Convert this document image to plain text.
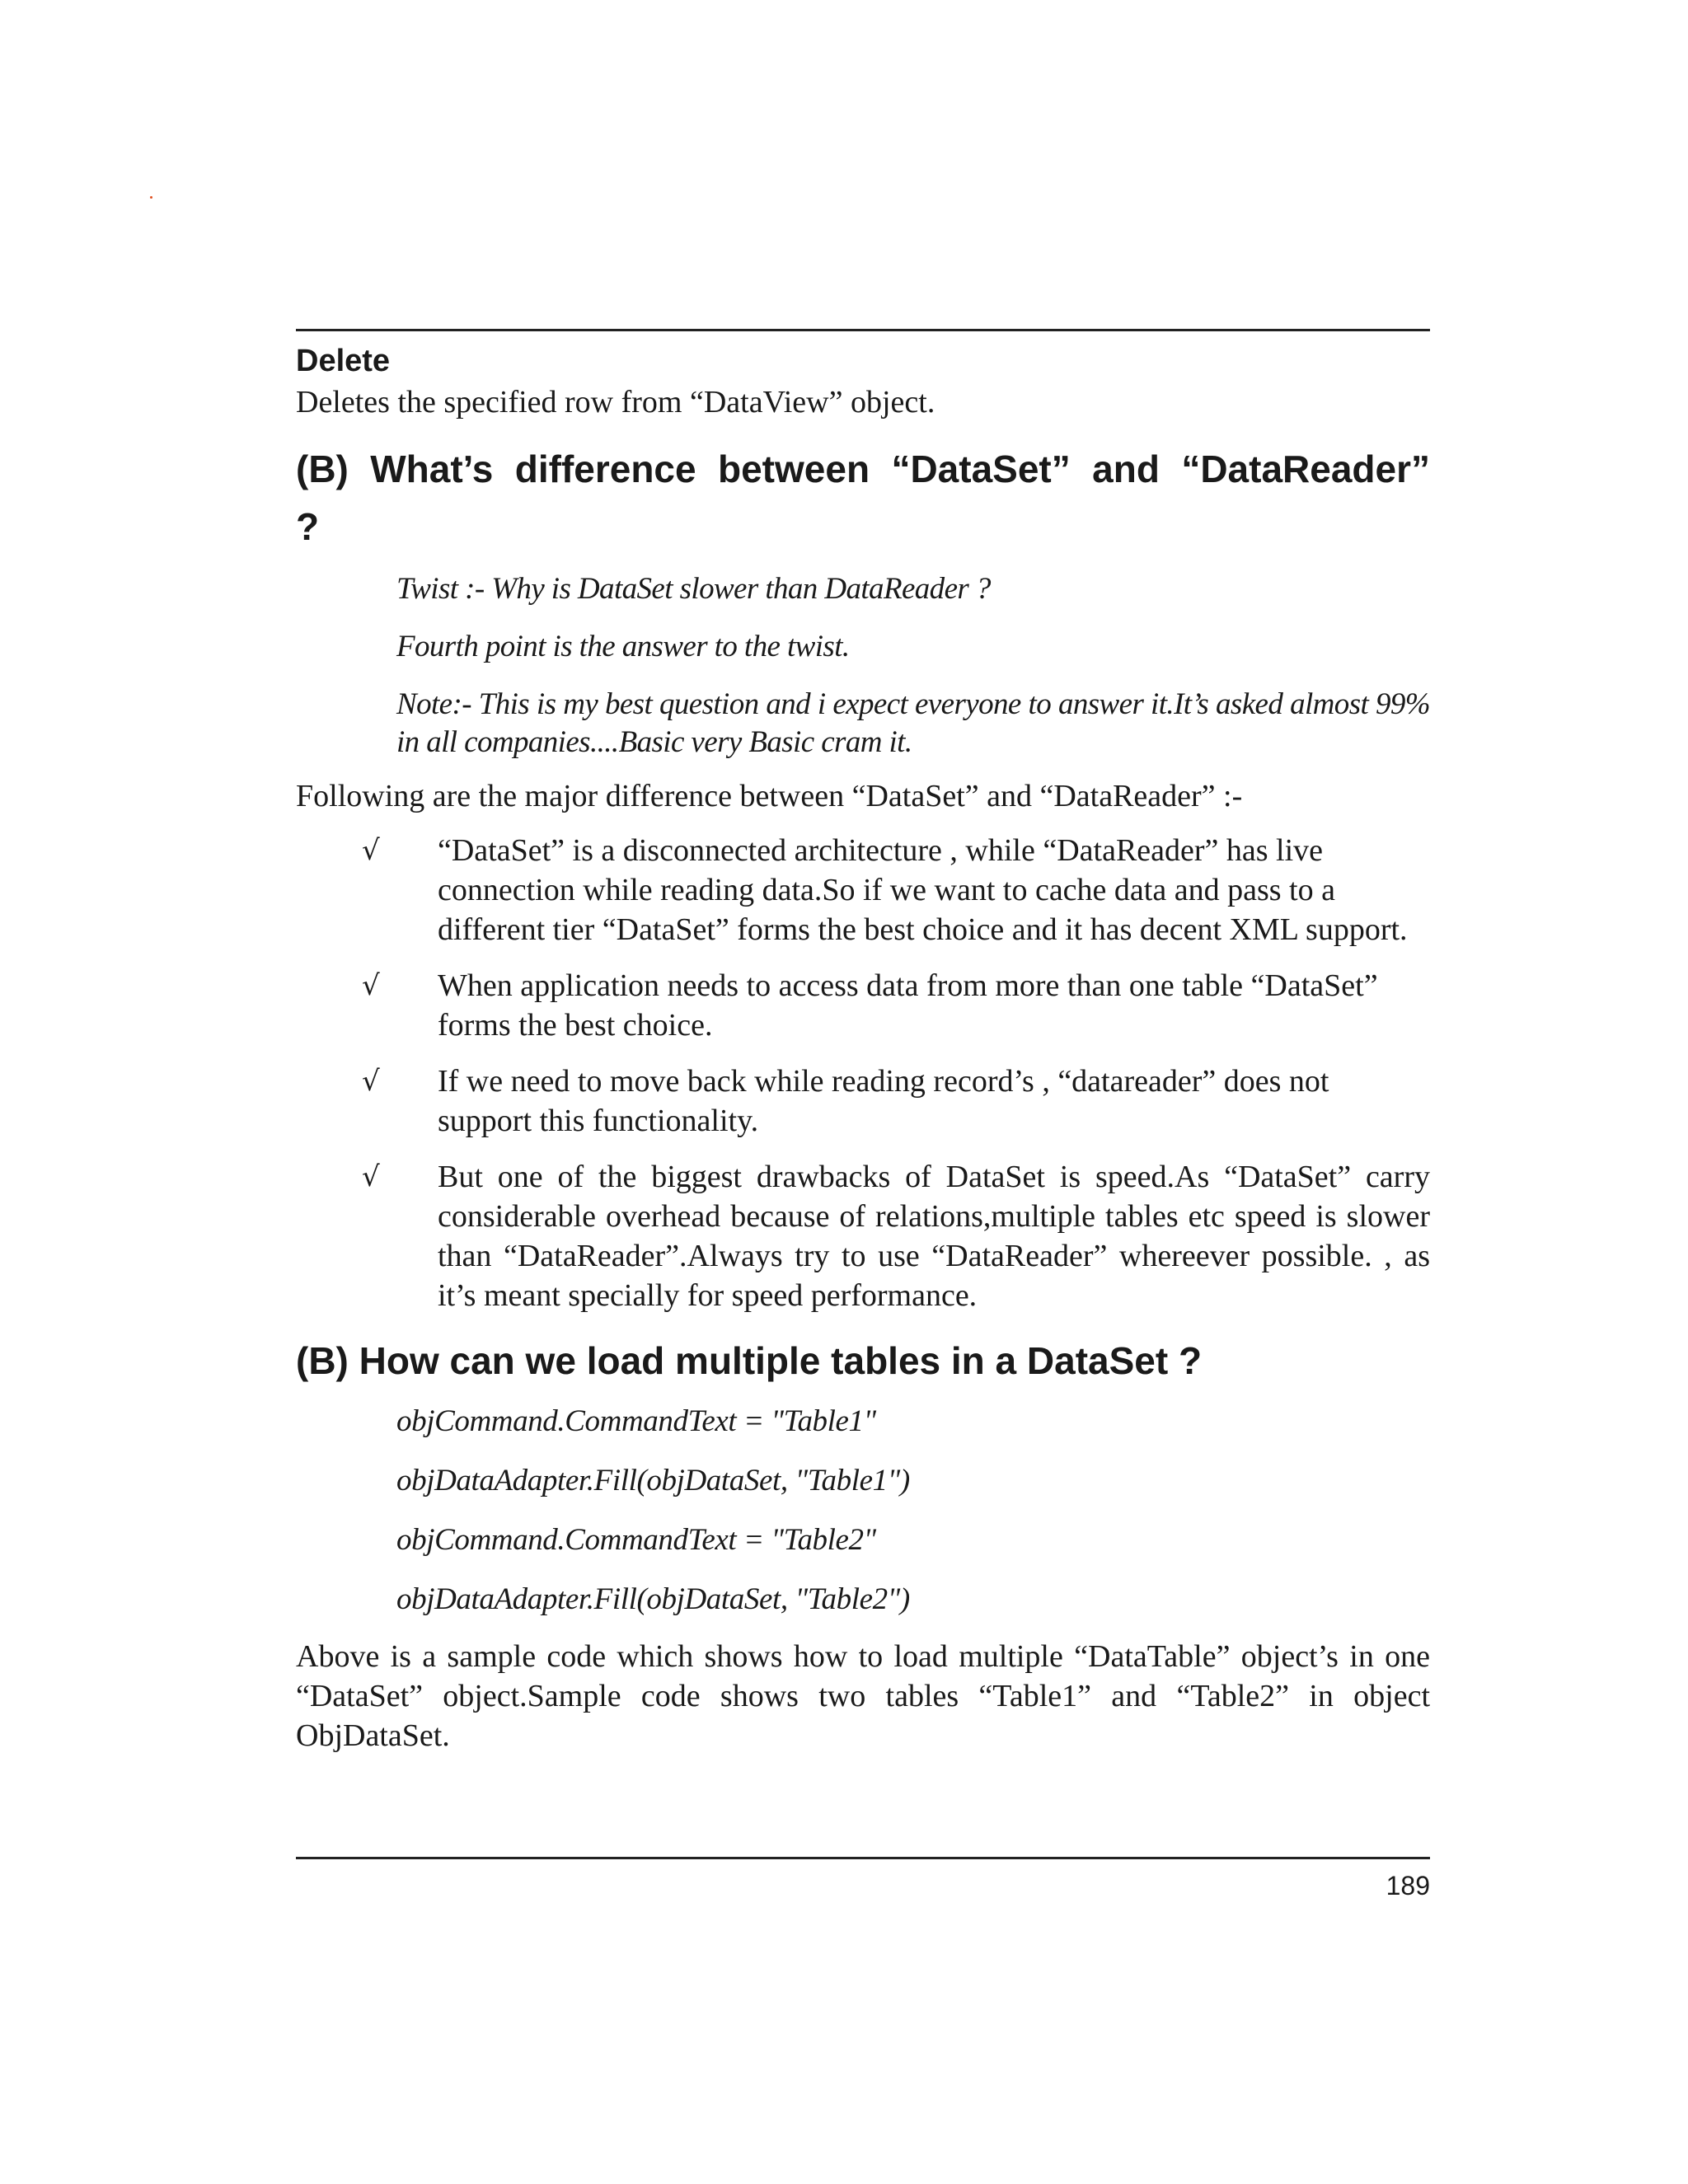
Delete

Deletes the specified row from “DataView” object.

(B) What’s difference between “DataSet” and “DataReader”

?

Twist :- Why is DataSet slower than DataReader ?

Fourth point is the answer to the twist.

Note:- This is my best question and i expect everyone to answer it.It’s asked almost 99% in all companies....Basic very Basic cram it.

Following are the major difference between “DataSet” and “DataReader” :-

√	“DataSet” is a disconnected architecture , while “DataReader” has live connection while reading data.So if we want to cache data and pass to a different tier “DataSet” forms the best choice and it has decent XML support.
√	When application needs to access data from more than one table “DataSet” forms the best choice.
√	If we need to move back while reading record’s , “datareader” does not support this functionality.
√	But one of the biggest drawbacks of DataSet is speed.As “DataSet” carry considerable overhead because of relations,multiple tables etc speed is slower than “DataReader”.Always try to use “DataReader” whereever possible. , as it’s meant specially for speed performance.

(B) How can we load multiple tables in a DataSet ?

objCommand.CommandText = "Table1"

objDataAdapter.Fill(objDataSet, "Table1")

objCommand.CommandText = "Table2"

objDataAdapter.Fill(objDataSet, "Table2")

Above is a sample code which shows how to load multiple “DataTable” object’s in one “DataSet” object.Sample code shows two tables “Table1” and “Table2” in object ObjDataSet.

189
